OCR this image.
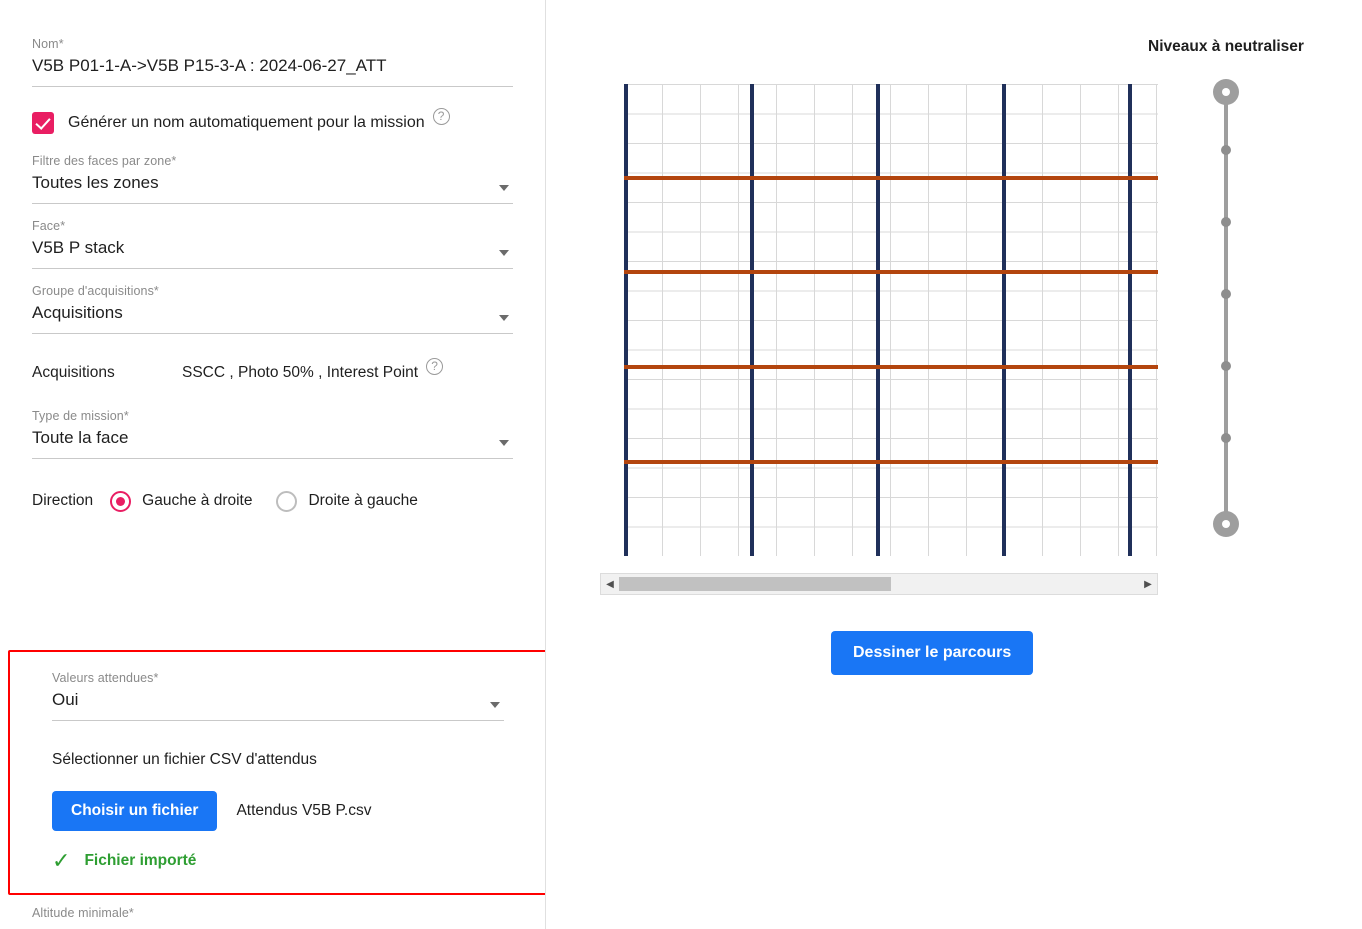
Nom*
V5B P01-1-A->V5B P15-3-A : 2024-06-27_ATT
Générer un nom automatiquement pour la mission	?
Filtre des faces par zone*
Toutes les zones
Face*
V5B P stack
Groupe d'acquisitions*
Acquisitions
Acquisitions	SSCC , Photo 50% , Interest Point	?
Type de mission*
Toute la face
Direction	Gauche à droite	Droite à gauche
Valeurs attendues*
Oui
Sélectionner un fichier CSV d'attendus
Choisir un fichier	Attendus V5B P.csv
✓ Fichier importé
Altitude minimale*
◀	▶
Dessiner le parcours
Niveaux à neutraliser
